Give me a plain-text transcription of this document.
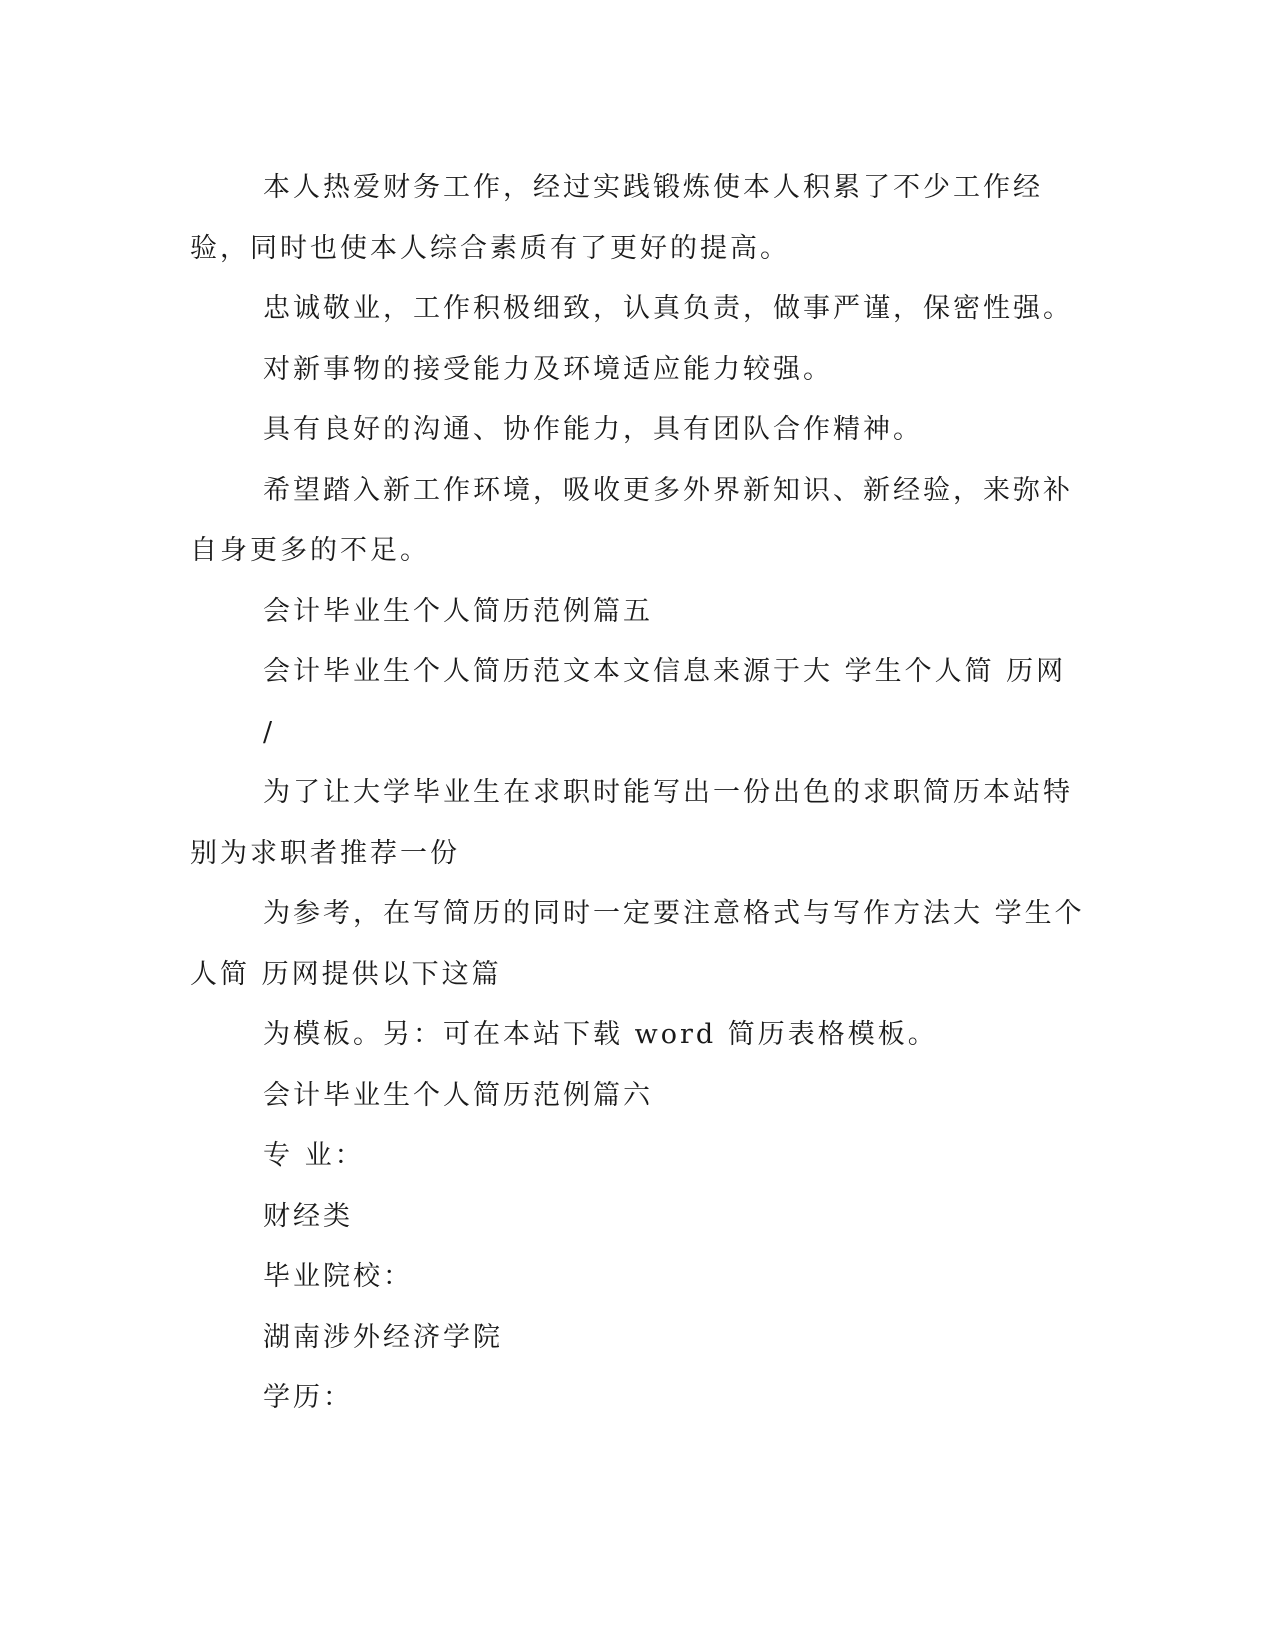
本人热爱财务工作，经过实践锻炼使本人积累了不少工作经验，同时也使本人综合素质有了更好的提高。

忠诚敬业，工作积极细致，认真负责，做事严谨，保密性强。

对新事物的接受能力及环境适应能力较强。

具有良好的沟通、协作能力，具有团队合作精神。

希望踏入新工作环境，吸收更多外界新知识、新经验，来弥补自身更多的不足。

会计毕业生个人简历范例篇五

会计毕业生个人简历范文本文信息来源于大 学生个人简 历网

/

为了让大学毕业生在求职时能写出一份出色的求职简历本站特别为求职者推荐一份

为参考，在写简历的同时一定要注意格式与写作方法大 学生个人简 历网提供以下这篇

为模板。另：可在本站下载 word 简历表格模板。

会计毕业生个人简历范例篇六

专 业：

财经类

毕业院校：

湖南涉外经济学院

学历：
